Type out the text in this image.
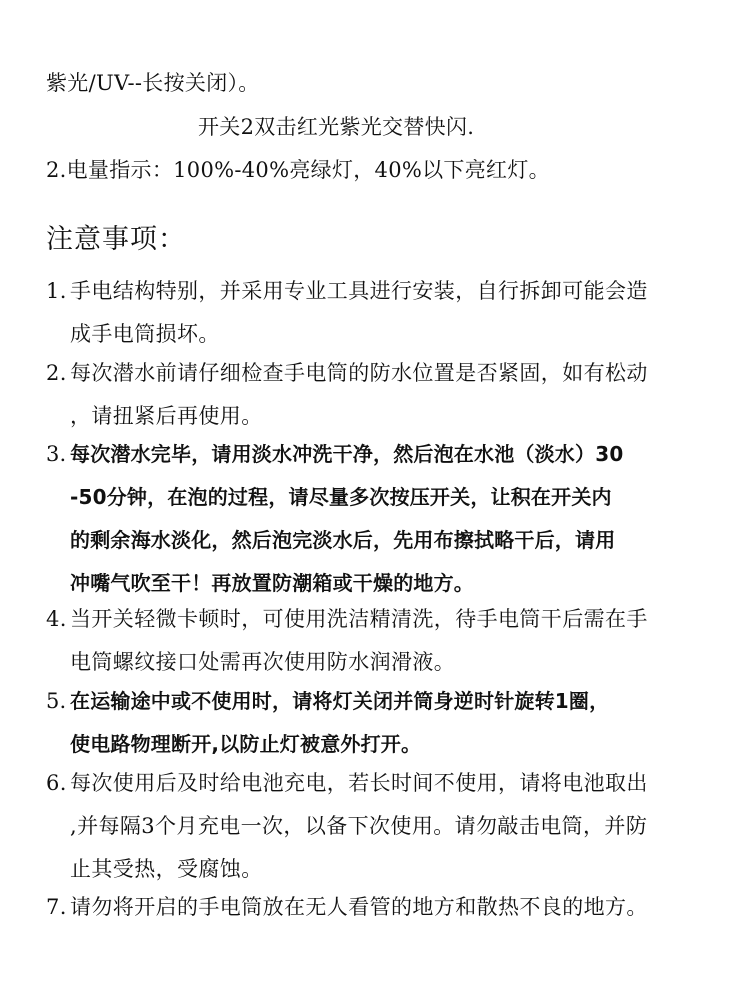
紫光/UV--长按关闭）。
开关2双击红光紫光交替快闪.
2.电量指示：100%-40%亮绿灯，40%以下亮红灯。
注意事项：
1. 手电结构特别，并采用专业工具进行安装，自行拆卸可能会造
成手电筒损坏。
2. 每次潜水前请仔细检查手电筒的防水位置是否紧固，如有松动
，请扭紧后再使用。
3. 每次潜水完毕，请用淡水冲洗干净，然后泡在水池（淡水）30
-50分钟，在泡的过程，请尽量多次按压开关，让积在开关内
的剩余海水淡化，然后泡完淡水后，先用布擦拭略干后，请用
冲嘴气吹至干！再放置防潮箱或干燥的地方。
4. 当开关轻微卡顿时，可使用洗洁精清洗，待手电筒干后需在手
电筒螺纹接口处需再次使用防水润滑液。
5. 在运输途中或不使用时，请将灯关闭并筒身逆时针旋转1圈，
使电路物理断开,以防止灯被意外打开。
6. 每次使用后及时给电池充电，若长时间不使用，请将电池取出
,并每隔3个月充电一次，以备下次使用。请勿敲击电筒，并防
止其受热，受腐蚀。
7. 请勿将开启的手电筒放在无人看管的地方和散热不良的地方。
